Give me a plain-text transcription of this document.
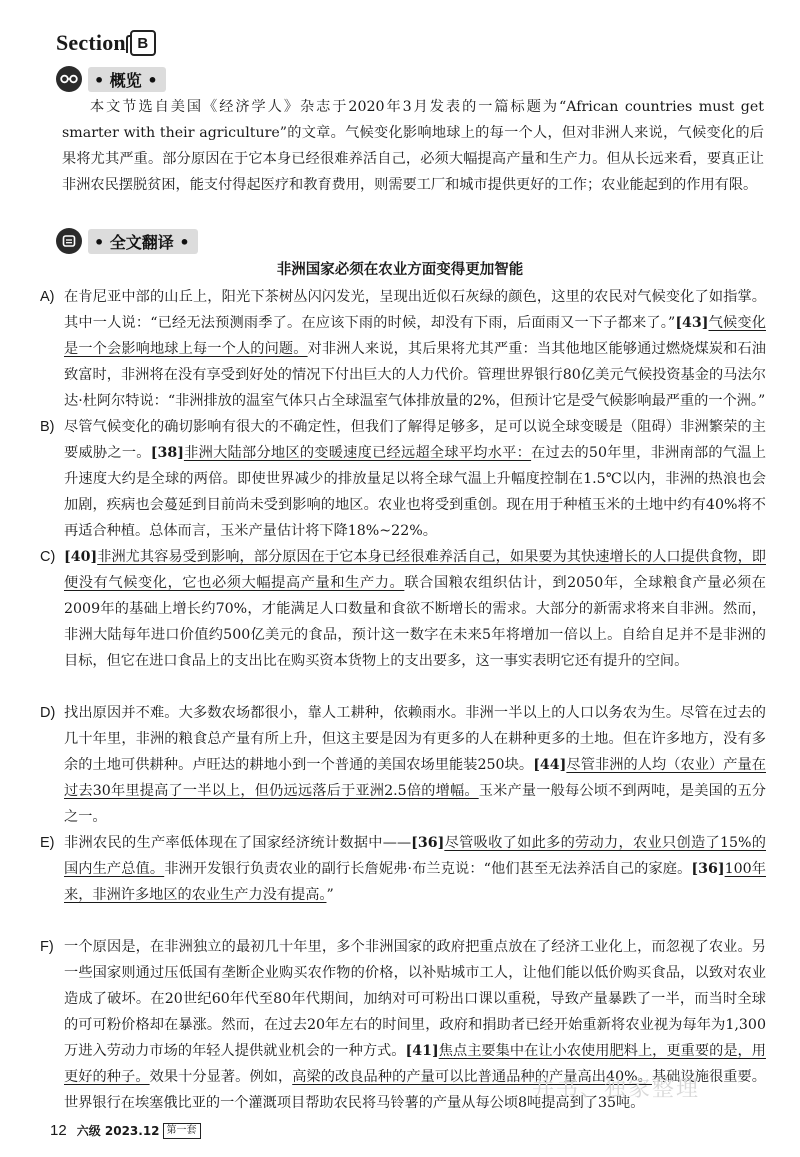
Section B
• 概览 •

本文节选自美国《经济学人》杂志于2020年3月发表的一篇标题为“African countries must get smarter with their agriculture”的文章。气候变化影响地球上的每一个人，但对非洲人来说，气候变化的后果将尤其严重。部分原因在于它本身已经很难养活自己，必须大幅提高产量和生产力。但从长远来看，要真正让非洲农民摆脱贫困，能支付得起医疗和教育费用，则需要工厂和城市提供更好的工作；农业能起到的作用有限。

• 全文翻译 •
非洲国家必须在农业方面变得更加智能
A) 在肯尼亚中部的山丘上，阳光下茶树丛闪闪发光，呈现出近似石灰绿的颜色，这里的农民对气候变化了如指掌。其中一人说：“已经无法预测雨季了。在应该下雨的时候，却没有下雨，后面雨又一下子都来了。”[43]气候变化是一个会影响地球上每一个人的问题。对非洲人来说，其后果将尤其严重：当其他地区能够通过燃烧煤炭和石油致富时，非洲将在没有享受到好处的情况下付出巨大的人力代价。管理世界银行80亿美元气候投资基金的马法尔达·杜阿尔特说：“非洲排放的温室气体只占全球温室气体排放量的2%，但预计它是受气候影响最严重的一个洲。”

B) 尽管气候变化的确切影响有很大的不确定性，但我们了解得足够多，足可以说全球变暖是（阻碍）非洲繁荣的主要威胁之一。[38]非洲大陆部分地区的变暖速度已经远超全球平均水平：在过去的50年里，非洲南部的气温上升速度大约是全球的两倍。即使世界减少的排放量足以将全球气温上升幅度控制在1.5℃以内，非洲的热浪也会加剧，疾病也会蔓延到目前尚未受到影响的地区。农业也将受到重创。现在用于种植玉米的土地中约有40%将不再适合种植。总体而言，玉米产量估计将下降18%~22%。

C) [40]非洲尤其容易受到影响，部分原因在于它本身已经很难养活自己，如果要为其快速增长的人口提供食物，即便没有气候变化，它也必须大幅提高产量和生产力。联合国粮农组织估计，到2050年，全球粮食产量必须在2009年的基础上增长约70%，才能满足人口数量和食欲不断增长的需求。大部分的新需求将来自非洲。然而，非洲大陆每年进口价值约500亿美元的食品，预计这一数字在未来5年将增加一倍以上。自给自足并不是非洲的目标，但它在进口食品上的支出比在购买资本货物上的支出要多，这一事实表明它还有提升的空间。

D) 找出原因并不难。大多数农场都很小，靠人工耕种，依赖雨水。非洲一半以上的人口以务农为生。尽管在过去的几十年里，非洲的粮食总产量有所上升，但这主要是因为有更多的人在耕种更多的土地。但在许多地方，没有多余的土地可供耕种。卢旺达的耕地小到一个普通的美国农场里能装250块。[44]尽管非洲的人均（农业）产量在过去30年里提高了一半以上，但仍远远落后于亚洲2.5倍的增幅。玉米产量一般每公顷不到两吨，是美国的五分之一。

E) 非洲农民的生产率低体现在了国家经济统计数据中——[36]尽管吸收了如此多的劳动力，农业只创造了15%的国内生产总值。非洲开发银行负责农业的副行长詹妮弗·布兰克说：“他们甚至无法养活自己的家庭。[36]100年来，非洲许多地区的农业生产力没有提高。”

F) 一个原因是，在非洲独立的最初几十年里，多个非洲国家的政府把重点放在了经济工业化上，而忽视了农业。另一些国家则通过压低国有垄断企业购买农作物的价格，以补贴城市工人，让他们能以低价购买食品，以致对农业造成了破坏。在20世纪60年代至80年代期间，加纳对可可粉出口课以重税，导致产量暴跌了一半，而当时全球的可可粉价格却在暴涨。然而，在过去20年左右的时间里，政府和捐助者已经开始重新将农业视为每年为1,300万进入劳动力市场的年轻人提供就业机会的一种方式。[41]焦点主要集中在让小农使用肥料上，更重要的是，用更好的种子。效果十分显著。例如，高梁的改良品种的产量可以比普通品种的产量高出40%。基础设施很重要。世界银行在埃塞俄比亚的一个灌溉项目帮助农民将马铃薯的产量从每公顷8吨提高到了35吨。

井书、独家整理
12 六级 2023.12 第一套
